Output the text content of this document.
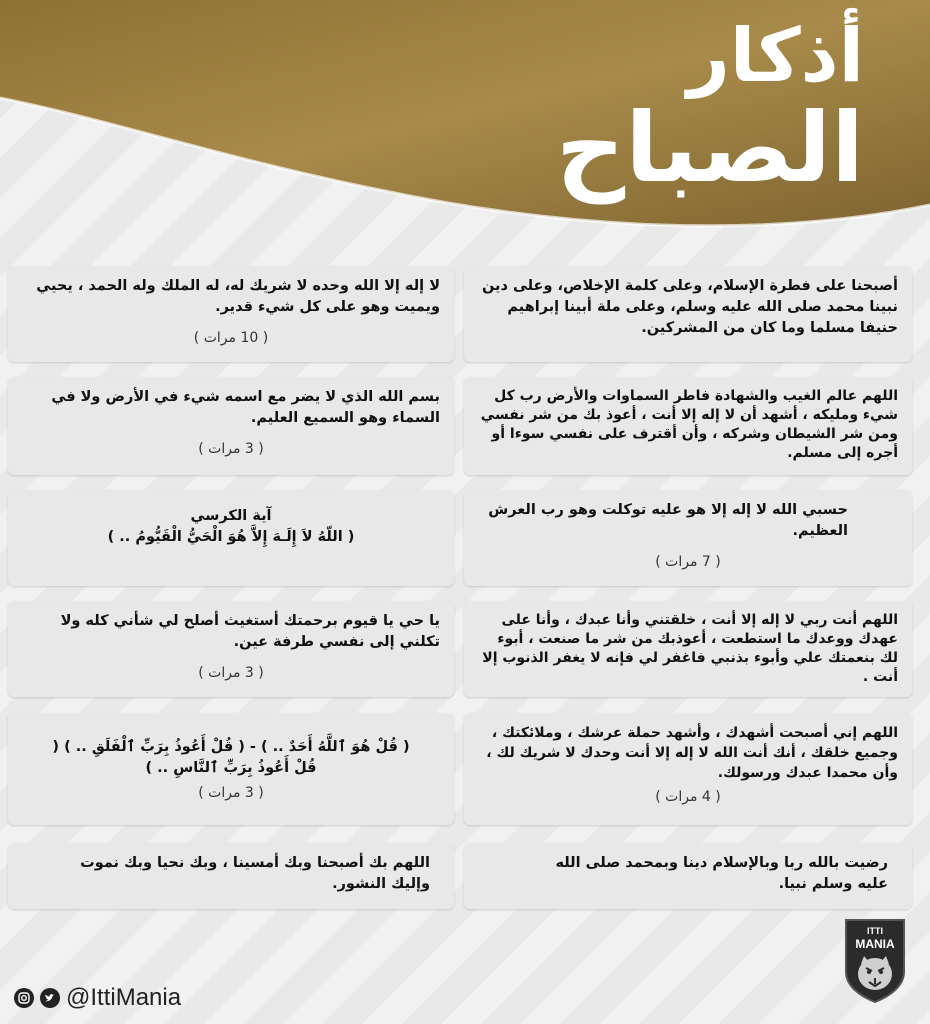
أذكار
الصباح
أصبحنا على فطرة الإسلام، وعلى كلمة الإخلاص، وعلى دين نبينا محمد صلى الله عليه وسلم، وعلى ملة أبينا إبراهيم حنيفا مسلما وما كان من المشركين.
لا إله إلا الله وحده لا شريك له، له الملك وله الحمد ، يحيي ويميت وهو على كل شيء قدير.
( 10 مرات )
اللهم عالم الغيب والشهادة فاطر السماوات والأرض رب كل شيء ومليكه ، أشهد أن لا إله إلا أنت ، أعوذ بك من شر نفسي ومن شر الشيطان وشركه ، وأن أقترف على نفسي سوءا أو أجره إلى مسلم.
بسم الله الذي لا يضر مع اسمه شيء في الأرض ولا في السماء وهو السميع العليم.
( 3 مرات )
حسبي الله لا إله إلا هو عليه توكلت وهو رب العرش العظيم.
( 7 مرات )
آية الكرسي
( اللّهُ لاَ إِلَـهَ إِلاَّ هُوَ الْحَيُّ الْقَيُّومُ .. )
اللهم أنت ربي لا إله إلا أنت ، خلقتني وأنا عبدك ، وأنا على عهدك ووعدك ما استطعت ، أعوذبك من شر ما صنعت ، أبوء لك بنعمتك علي وأبوء بذنبي فاغفر لي فإنه لا يغفر الذنوب إلا أنت .
يا حي يا قيوم برحمتك أستغيث أصلح لي شأني كله ولا تكلني إلى نفسي طرفة عين.
( 3 مرات )
اللهم إني أصبحت أشهدك ، وأشهد حملة عرشك ، وملائكتك ، وجميع خلقك ، أنك أنت الله لا إله إلا أنت وحدك لا شريك لك ، وأن محمدا عبدك ورسولك.
( 4 مرات )
( قُلْ هُوَ ٱللَّهُ أَحَدٌ .. ) - ( قُلْ أَعُوذُ بِرَبِّ ٱلْفَلَقِ .. ) ( قُلْ أَعُوذُ بِرَبِّ ٱلنَّاسِ .. )
( 3 مرات )
رضيت بالله ربا وبالإسلام دينا وبمحمد صلى الله عليه وسلم نبيا.
اللهم بك أصبحنا وبك أمسينا ، وبك نحيا وبك نموت وإليك النشور.
@IttiMania
ITTI
MANIA
